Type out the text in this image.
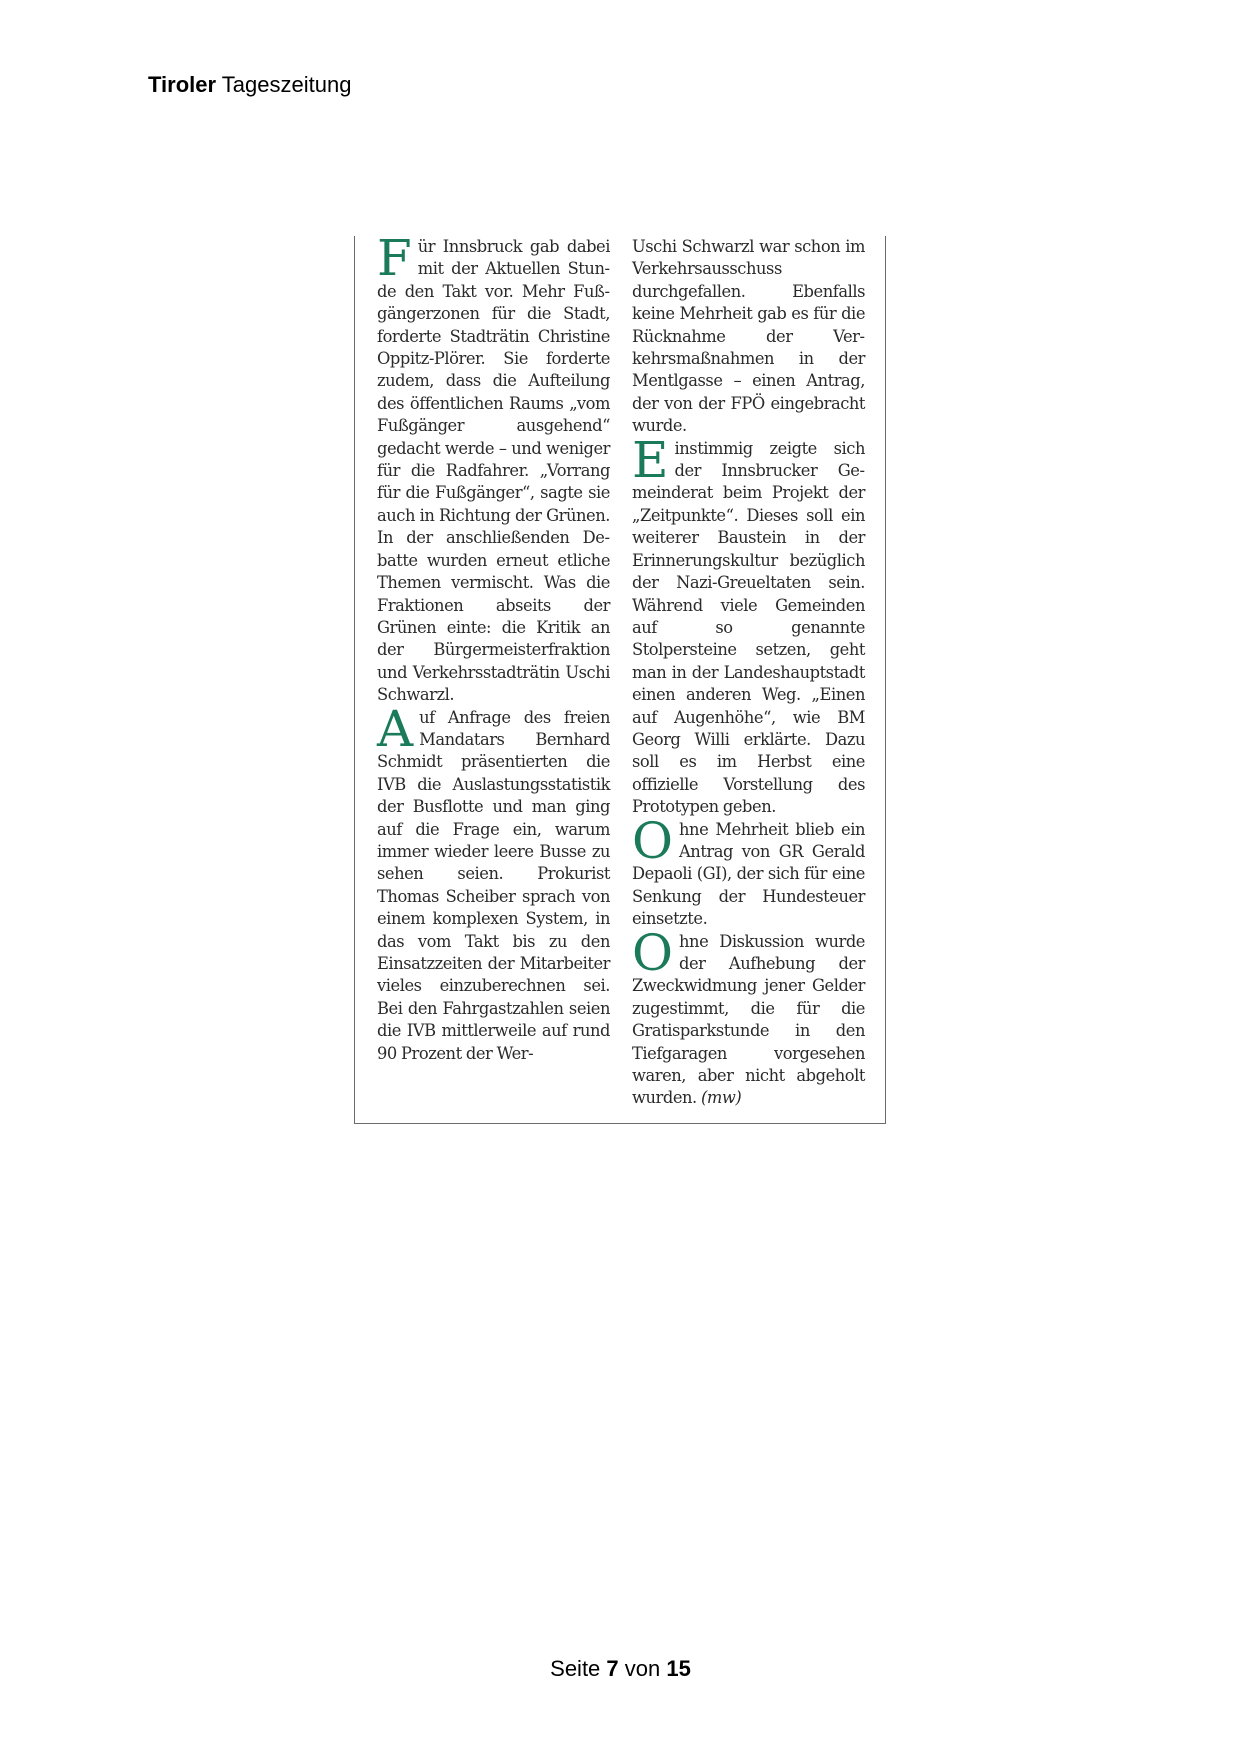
Tiroler Tageszeitung

Für Innsbruck gab dabei mit der Aktuellen Stunde den Takt vor. Mehr Fußgängerzonen für die Stadt, forderte Stadträtin Christine Oppitz-Plörer. Sie forderte zudem, dass die Aufteilung des öffentlichen Raums „vom Fußgänger ausgehend“ gedacht werde – und weniger für die Radfahrer. „Vorrang für die Fußgänger“, sagte sie auch in Richtung der Grünen. In der anschließenden Debatte wurden erneut etliche Themen vermischt. Was die Fraktionen abseits der Grünen einte: die Kritik an der Bürgermeisterfraktion und Verkehrsstadträtin Uschi Schwarzl.

Auf Anfrage des freien Mandatars Bernhard Schmidt präsentierten die IVB die Auslastungsstatistik der Busflotte und man ging auf die Frage ein, warum immer wieder leere Busse zu sehen seien. Prokurist Thomas Scheiber sprach von einem komplexen System, in das vom Takt bis zu den Einsatzzeiten der Mitarbeiter vieles einzuberechnen sei. Bei den Fahrgastzahlen seien die IVB mittlerweile auf rund 90 Prozent der Wer-

Uschi Schwarzl war schon im Verkehrsausschuss durchgefallen. Ebenfalls keine Mehrheit gab es für die Rücknahme der Verkehrsmaßnahmen in der Mentlgasse – einen Antrag, der von der FPÖ eingebracht wurde.

Einstimmig zeigte sich der Innsbrucker Gemeinderat beim Projekt der „Zeitpunkte“. Dieses soll ein weiterer Baustein in der Erinnerungskultur bezüglich der Nazi-Greueltaten sein. Während viele Gemeinden auf so genannte Stolpersteine setzen, geht man in der Landeshauptstadt einen anderen Weg. „Einen auf Augenhöhe“, wie BM Georg Willi erklärte. Dazu soll es im Herbst eine offizielle Vorstellung des Prototypen geben.

Ohne Mehrheit blieb ein Antrag von GR Gerald Depaoli (GI), der sich für eine Senkung der Hundesteuer einsetzte.

Ohne Diskussion wurde der Aufhebung der Zweckwidmung jener Gelder zugestimmt, die für die Gratisparkstunde in den Tiefgaragen vorgesehen waren, aber nicht abgeholt wurden. (mw)

Seite 7 von 15
